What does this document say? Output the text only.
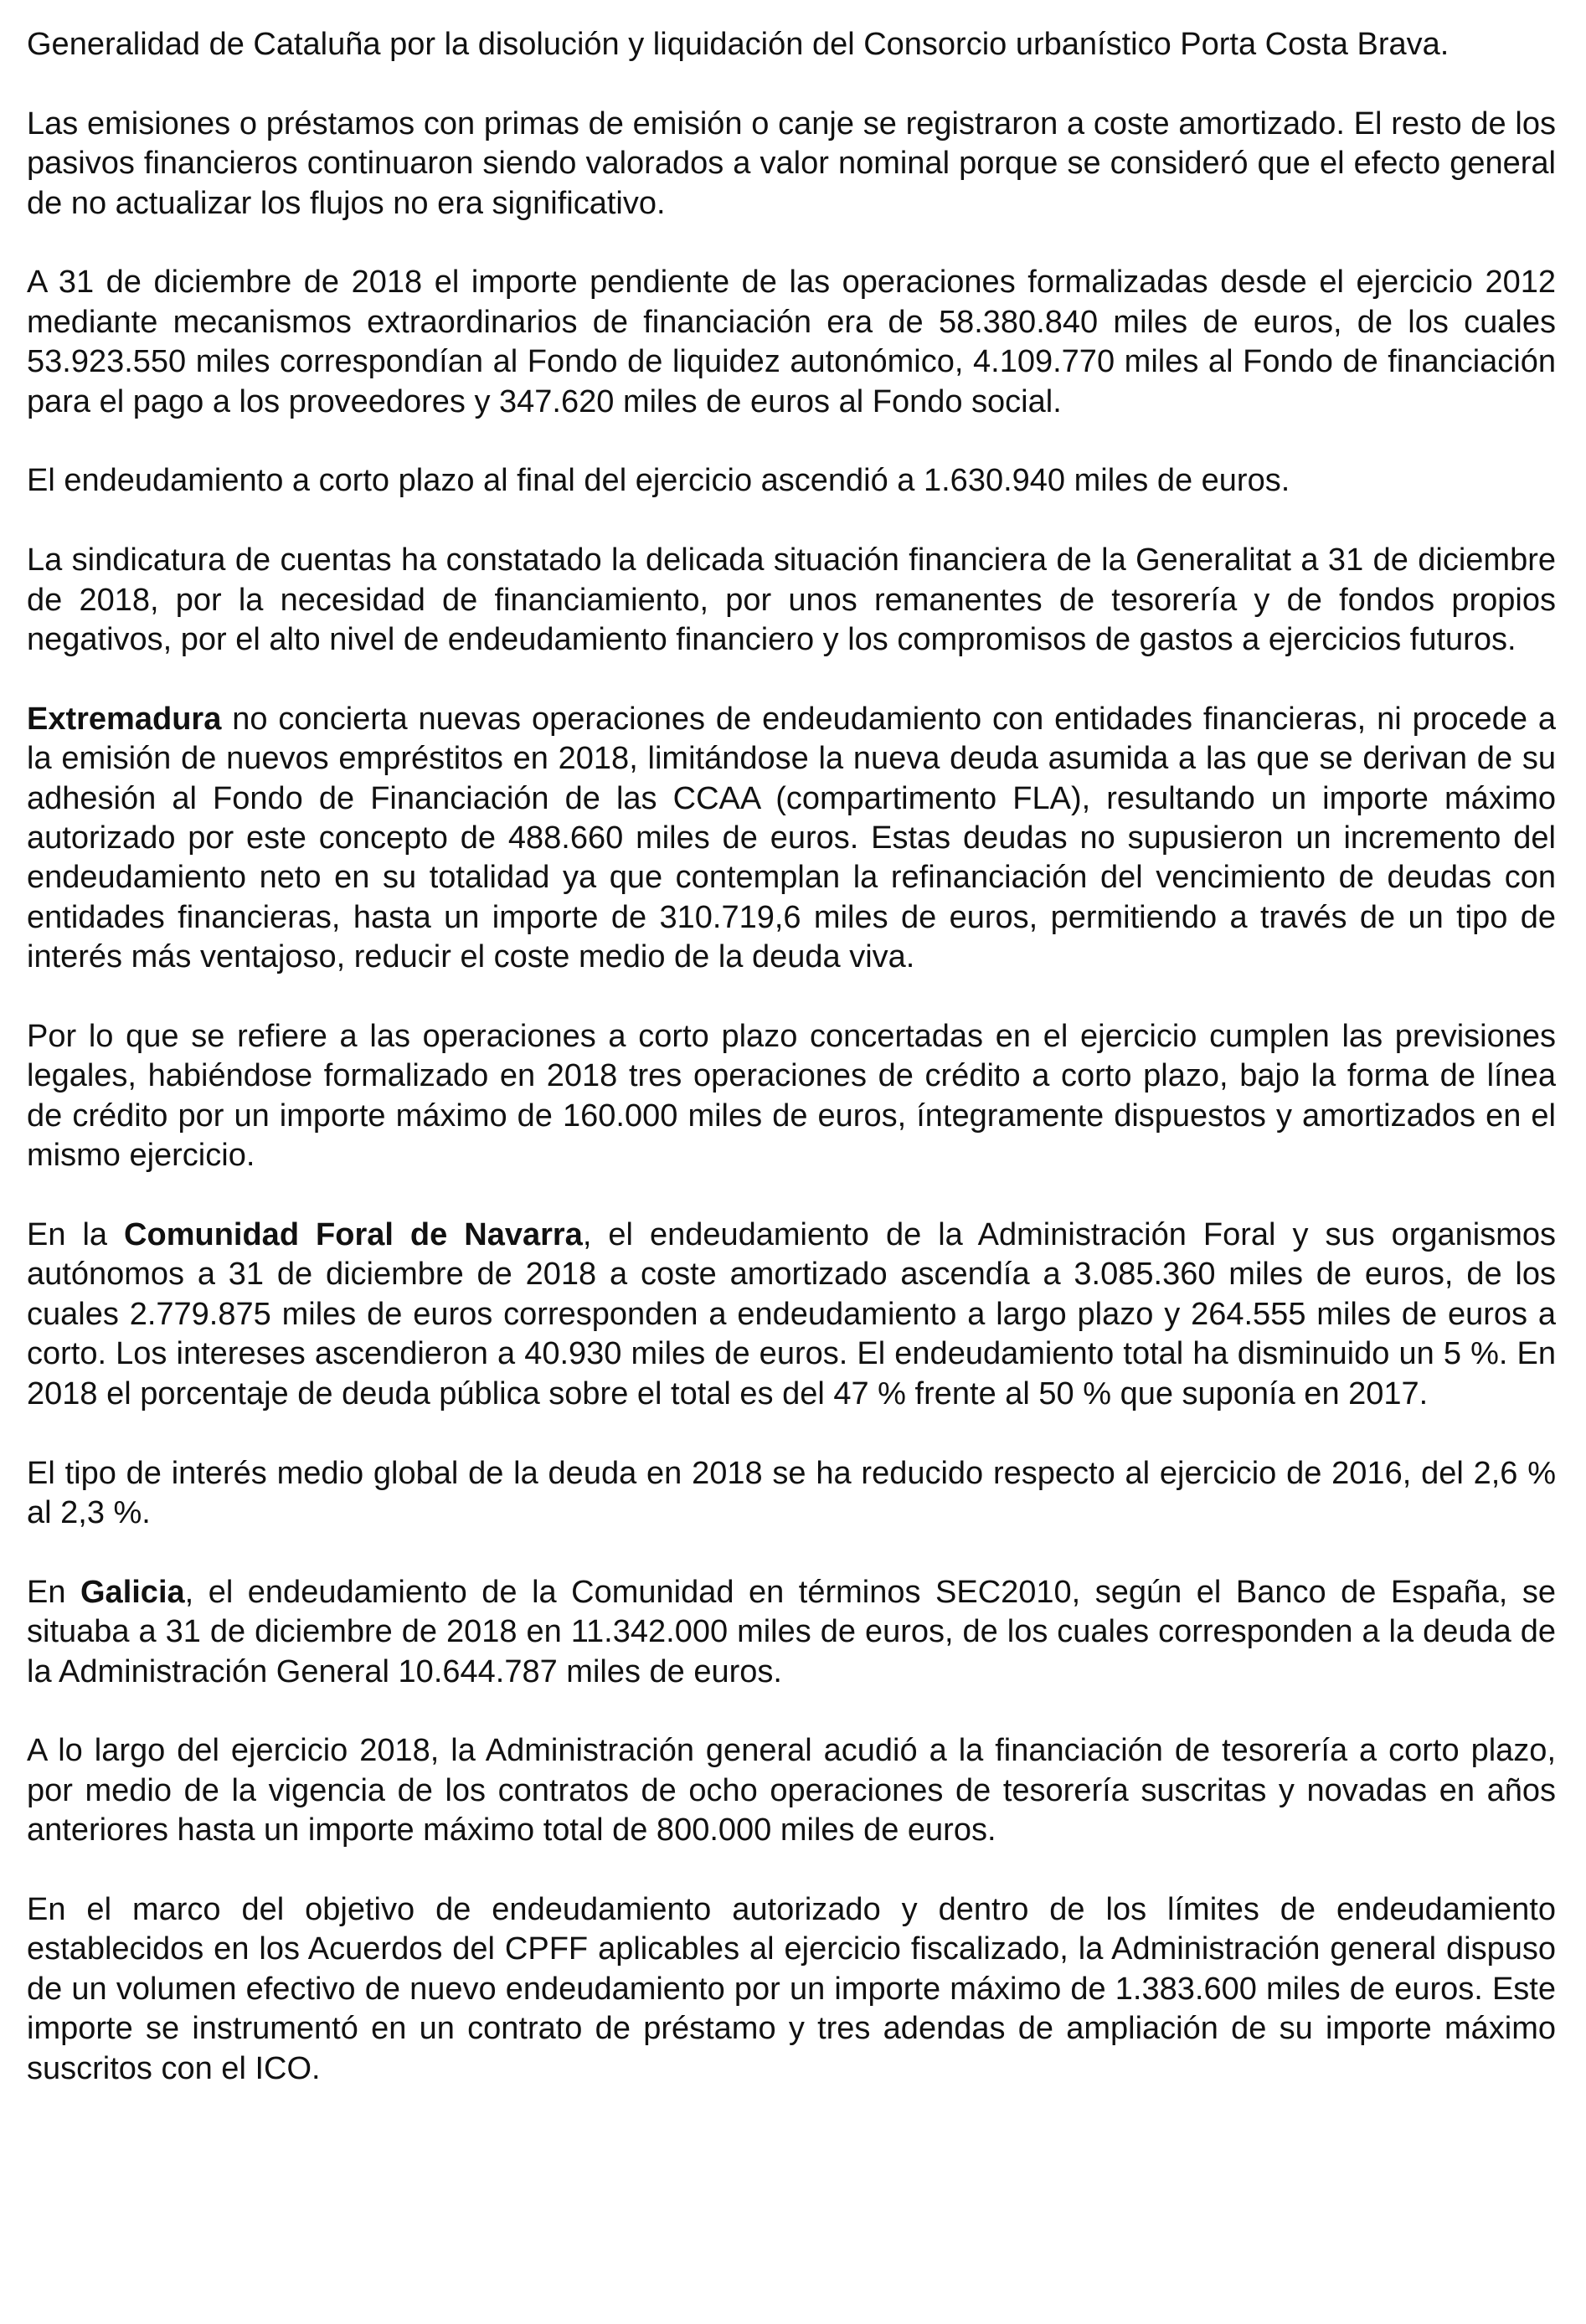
Generalidad de Cataluña por la disolución y liquidación del Consorcio urbanístico Porta Costa Brava.

Las emisiones o préstamos con primas de emisión o canje se registraron a coste amortizado. El resto de los pasivos financieros continuaron siendo valorados a valor nominal porque se consideró que el efecto general de no actualizar los flujos no era significativo.

A 31 de diciembre de 2018 el importe pendiente de las operaciones formalizadas desde el ejercicio 2012 mediante mecanismos extraordinarios de financiación era de 58.380.840 miles de euros, de los cuales 53.923.550 miles correspondían al Fondo de liquidez autonómico, 4.109.770 miles al Fondo de financiación para el pago a los proveedores y 347.620 miles de euros al Fondo social.

El endeudamiento a corto plazo al final del ejercicio ascendió a 1.630.940 miles de euros.

La sindicatura de cuentas ha constatado la delicada situación financiera de la Generalitat a 31 de diciembre de 2018, por la necesidad de financiamiento, por unos remanentes de tesorería y de fondos propios negativos, por el alto nivel de endeudamiento financiero y los compromisos de gastos a ejercicios futuros.

Extremadura no concierta nuevas operaciones de endeudamiento con entidades financieras, ni procede a la emisión de nuevos empréstitos en 2018, limitándose la nueva deuda asumida a las que se derivan de su adhesión al Fondo de Financiación de las CCAA (compartimento FLA), resultando un importe máximo autorizado por este concepto de 488.660 miles de euros. Estas deudas no supusieron un incremento del endeudamiento neto en su totalidad ya que contemplan la refinanciación del vencimiento de deudas con entidades financieras, hasta un importe de 310.719,6 miles de euros, permitiendo a través de un tipo de interés más ventajoso, reducir el coste medio de la deuda viva.

Por lo que se refiere a las operaciones a corto plazo concertadas en el ejercicio cumplen las previsiones legales, habiéndose formalizado en 2018 tres operaciones de crédito a corto plazo, bajo la forma de línea de crédito por un importe máximo de 160.000 miles de euros, íntegramente dispuestos y amortizados en el mismo ejercicio.

En la Comunidad Foral de Navarra, el endeudamiento de la Administración Foral y sus organismos autónomos a 31 de diciembre de 2018 a coste amortizado ascendía a 3.085.360 miles de euros, de los cuales 2.779.875 miles de euros corresponden a endeudamiento a largo plazo y 264.555 miles de euros a corto. Los intereses ascendieron a 40.930 miles de euros. El endeudamiento total ha disminuido un 5 %. En 2018 el porcentaje de deuda pública sobre el total es del 47 % frente al 50 % que suponía en 2017.

El tipo de interés medio global de la deuda en 2018 se ha reducido respecto al ejercicio de 2016, del 2,6 % al 2,3 %.

En Galicia, el endeudamiento de la Comunidad en términos SEC2010, según el Banco de España, se situaba a 31 de diciembre de 2018 en 11.342.000 miles de euros, de los cuales corresponden a la deuda de la Administración General 10.644.787 miles de euros.

A lo largo del ejercicio 2018, la Administración general acudió a la financiación de tesorería a corto plazo, por medio de la vigencia de los contratos de ocho operaciones de tesorería suscritas y novadas en años anteriores hasta un importe máximo total de 800.000 miles de euros.

En el marco del objetivo de endeudamiento autorizado y dentro de los límites de endeudamiento establecidos en los Acuerdos del CPFF aplicables al ejercicio fiscalizado, la Administración general dispuso de un volumen efectivo de nuevo endeudamiento por un importe máximo de 1.383.600 miles de euros. Este importe se instrumentó en un contrato de préstamo y tres adendas de ampliación de su importe máximo suscritos con el ICO.
